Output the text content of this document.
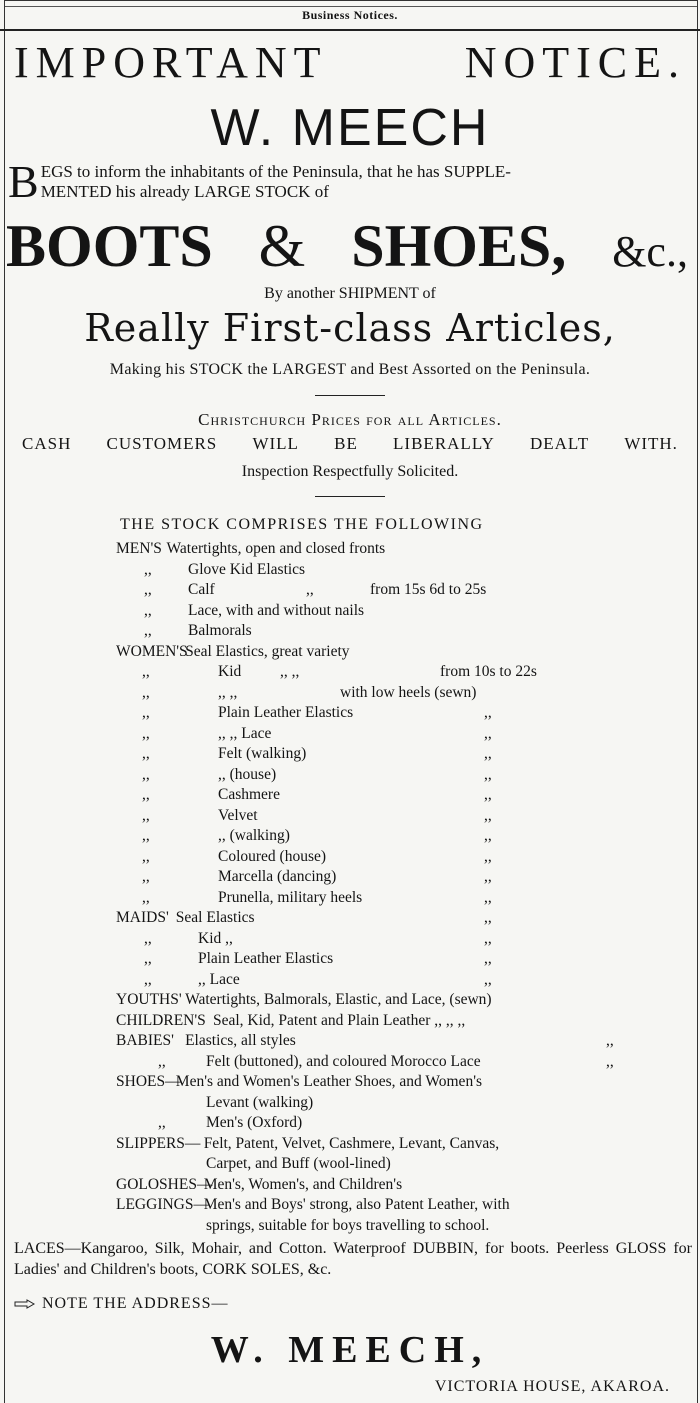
Business Notices.
IMPORTANT	NOTICE.
W. MEECH
B EGS to inform the inhabitants of the Peninsula, that he has SUPPLE-
MENTED his already LARGE STOCK of
BOOTS & SHOES, &c.,
By another SHIPMENT of
Really First-class Articles,
Making his STOCK the LARGEST and Best Assorted on the Peninsula.
Christchurch Prices for all Articles.
CASH CUSTOMERS WILL BE LIBERALLY DEALT WITH.
Inspection Respectfully Solicited.
THE STOCK COMPRISES THE FOLLOWING
MEN'S Watertights, open and closed fronts
,, Glove Kid Elastics
,, Calf	,,	from 15s 6d to 25s
,, Lace, with and without nails
,, Balmorals
WOMEN'S
Seal Elastics, great variety
,,	Kid	,, ,,	from 10s to 22s
,,	,, ,,	with low heels (sewn)
,,	Plain Leather Elastics	,,
,,	,, ,, Lace	,,
,,	Felt (walking)	,,
,,	,, (house)	,,
,,	Cashmere	,,
,,	Velvet	,,
,,	,, (walking)	,,
,,	Coloured (house)	,,
,,	Marcella (dancing)	,,
,,	Prunella, military heels	,,
MAIDS' Seal Elastics	,,
,,	Kid ,,	,,
,,	Plain Leather Elastics	,,
,,	,, Lace	,,
YOUTHS' Watertights, Balmorals, Elastic, and Lace, (sewn)
CHILDREN'S Seal, Kid, Patent and Plain Leather ,, ,, ,,
BABIES' Elastics, all styles	,,
,,	Felt (buttoned), and coloured Morocco Lace	,,
SHOES—
Men's and Women's Leather Shoes, and Women's
Levant (walking)
,,	Men's (Oxford)
SLIPPERS— Felt, Patent, Velvet, Cashmere, Levant, Canvas,
Carpet, and Buff (wool-lined)
GOLOSHES—
Men's, Women's, and Children's
LEGGINGS—
Men's and Boys' strong, also Patent Leather, with
springs, suitable for boys travelling to school.
LACES—Kangaroo, Silk, Mohair, and Cotton. Waterproof DUBBIN, for boots. Peerless GLOSS for Ladies' and Children's boots, CORK SOLES, &c.
NOTE THE ADDRESS—
W. MEECH,
VICTORIA HOUSE, AKAROA.
